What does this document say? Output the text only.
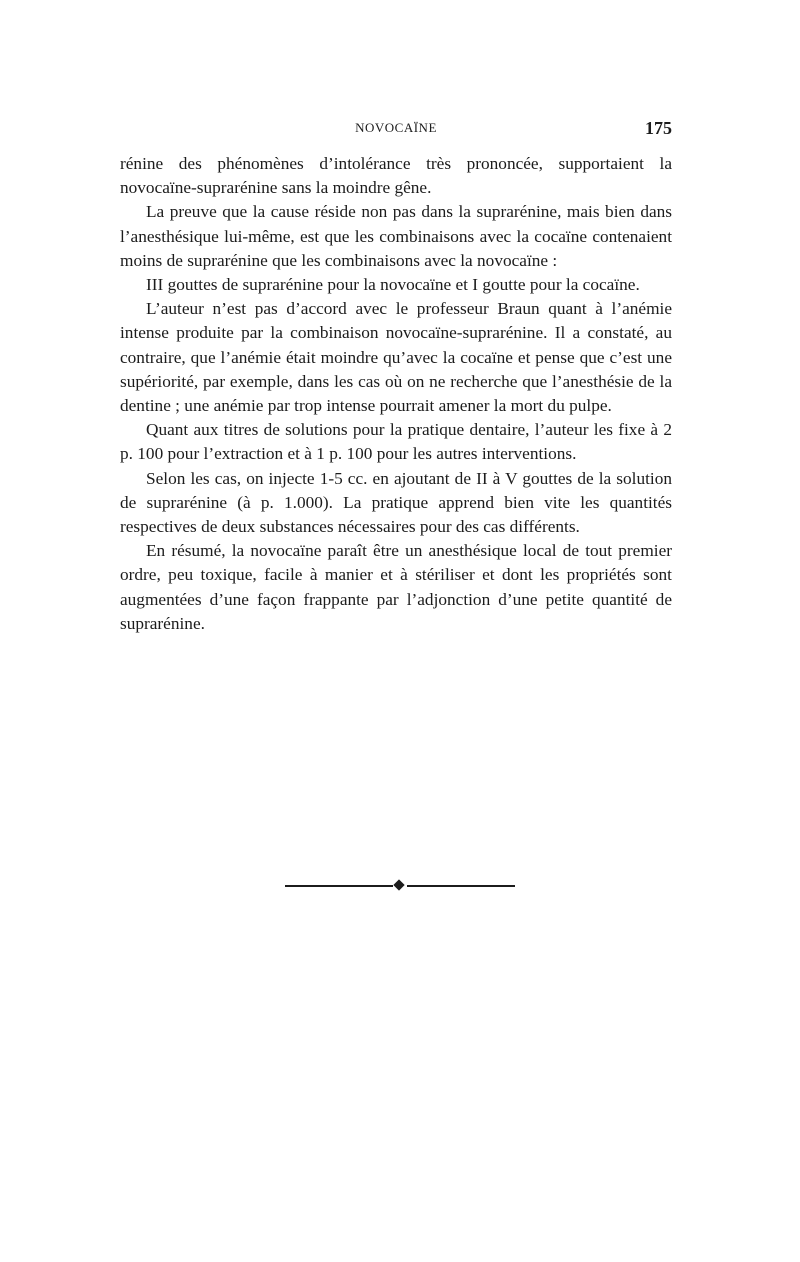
NOVOCAÏNE	175

rénine des phénomènes d’intolérance très prononcée, supportaient la novocaïne-suprarénine sans la moindre gêne.

La preuve que la cause réside non pas dans la suprarénine, mais bien dans l’anesthésique lui-même, est que les combinaisons avec la cocaïne contenaient moins de suprarénine que les combinaisons avec la novocaïne :

III gouttes de suprarénine pour la novocaïne et I goutte pour la cocaïne.

L’auteur n’est pas d’accord avec le professeur Braun quant à l’anémie intense produite par la combinaison novocaïne-suprarénine. Il a constaté, au contraire, que l’anémie était moindre qu’avec la cocaïne et pense que c’est une supériorité, par exemple, dans les cas où on ne recherche que l’anesthésie de la dentine ; une anémie par trop intense pourrait amener la mort du pulpe.

Quant aux titres de solutions pour la pratique dentaire, l’auteur les fixe à 2 p. 100 pour l’extraction et à 1 p. 100 pour les autres interventions.

Selon les cas, on injecte 1-5 cc. en ajoutant de II à V gouttes de la solution de suprarénine (à p. 1.000). La pratique apprend bien vite les quantités respectives de deux substances nécessaires pour des cas différents.

En résumé, la novocaïne paraît être un anesthésique local de tout premier ordre, peu toxique, facile à manier et à stériliser et dont les propriétés sont augmentées d’une façon frappante par l’adjonction d’une petite quantité de suprarénine.
